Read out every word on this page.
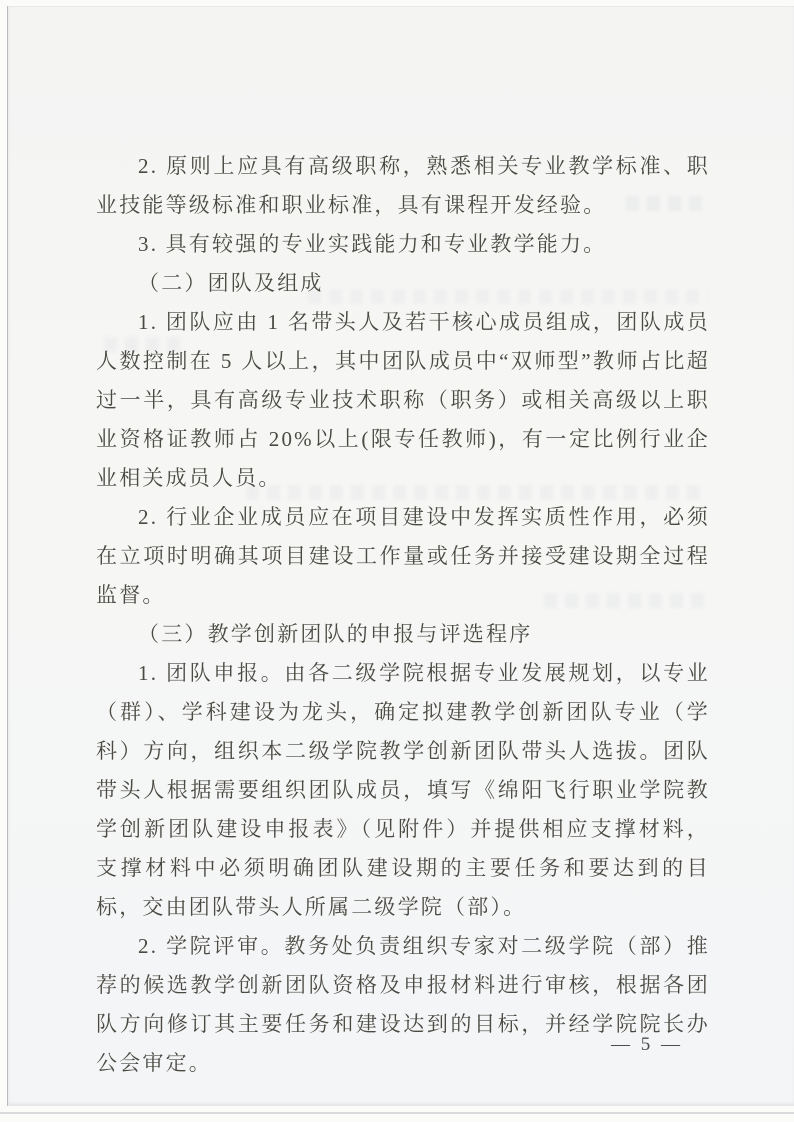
2. 原则上应具有高级职称，熟悉相关专业教学标准、职业技能等级标准和职业标准，具有课程开发经验。

3. 具有较强的专业实践能力和专业教学能力。

（二）团队及组成

1. 团队应由 1 名带头人及若干核心成员组成，团队成员人数控制在 5 人以上，其中团队成员中“双师型”教师占比超过一半，具有高级专业技术职称（职务）或相关高级以上职业资格证教师占 20%以上(限专任教师)，有一定比例行业企业相关成员人员。

2. 行业企业成员应在项目建设中发挥实质性作用，必须在立项时明确其项目建设工作量或任务并接受建设期全过程监督。

（三）教学创新团队的申报与评选程序

1. 团队申报。由各二级学院根据专业发展规划，以专业（群）、学科建设为龙头，确定拟建教学创新团队专业（学科）方向，组织本二级学院教学创新团队带头人选拔。团队带头人根据需要组织团队成员，填写《绵阳飞行职业学院教学创新团队建设申报表》（见附件）并提供相应支撑材料，支撑材料中必须明确团队建设期的主要任务和要达到的目标，交由团队带头人所属二级学院（部）。

2. 学院评审。教务处负责组织专家对二级学院（部）推荐的候选教学创新团队资格及申报材料进行审核，根据各团队方向修订其主要任务和建设达到的目标，并经学院院长办公会审定。

— 5 —
